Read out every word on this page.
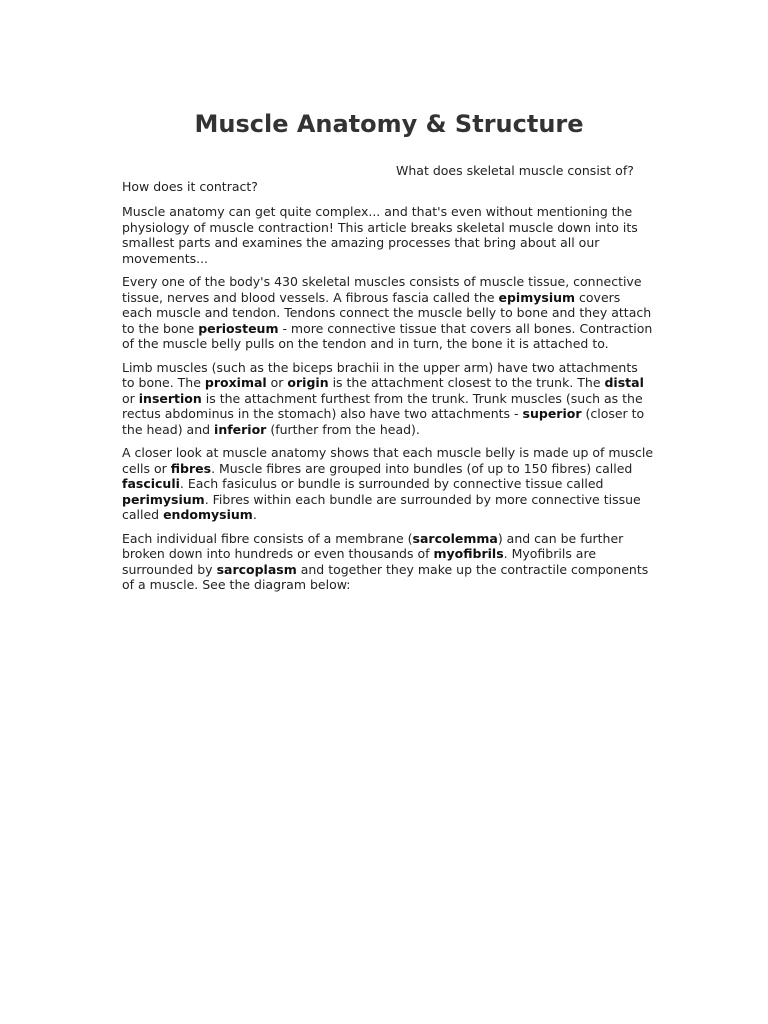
Muscle Anatomy & Structure
What does skeletal muscle consist of?
How does it contract?

Muscle anatomy can get quite complex... and that's even without mentioning the physiology of muscle contraction! This article breaks skeletal muscle down into its smallest parts and examines the amazing processes that bring about all our movements...

Every one of the body's 430 skeletal muscles consists of muscle tissue, connective tissue, nerves and blood vessels. A fibrous fascia called the epimysium covers each muscle and tendon. Tendons connect the muscle belly to bone and they attach to the bone periosteum - more connective tissue that covers all bones. Contraction of the muscle belly pulls on the tendon and in turn, the bone it is attached to.

Limb muscles (such as the biceps brachii in the upper arm) have two attachments to bone. The proximal or origin is the attachment closest to the trunk. The distal or insertion is the attachment furthest from the trunk. Trunk muscles (such as the rectus abdominus in the stomach) also have two attachments - superior (closer to the head) and inferior (further from the head).

A closer look at muscle anatomy shows that each muscle belly is made up of muscle cells or fibres. Muscle fibres are grouped into bundles (of up to 150 fibres) called fasciculi. Each fasiculus or bundle is surrounded by connective tissue called perimysium. Fibres within each bundle are surrounded by more connective tissue called endomysium.

Each individual fibre consists of a membrane (sarcolemma) and can be further broken down into hundreds or even thousands of myofibrils. Myofibrils are surrounded by sarcoplasm and together they make up the contractile components of a muscle. See the diagram below:
